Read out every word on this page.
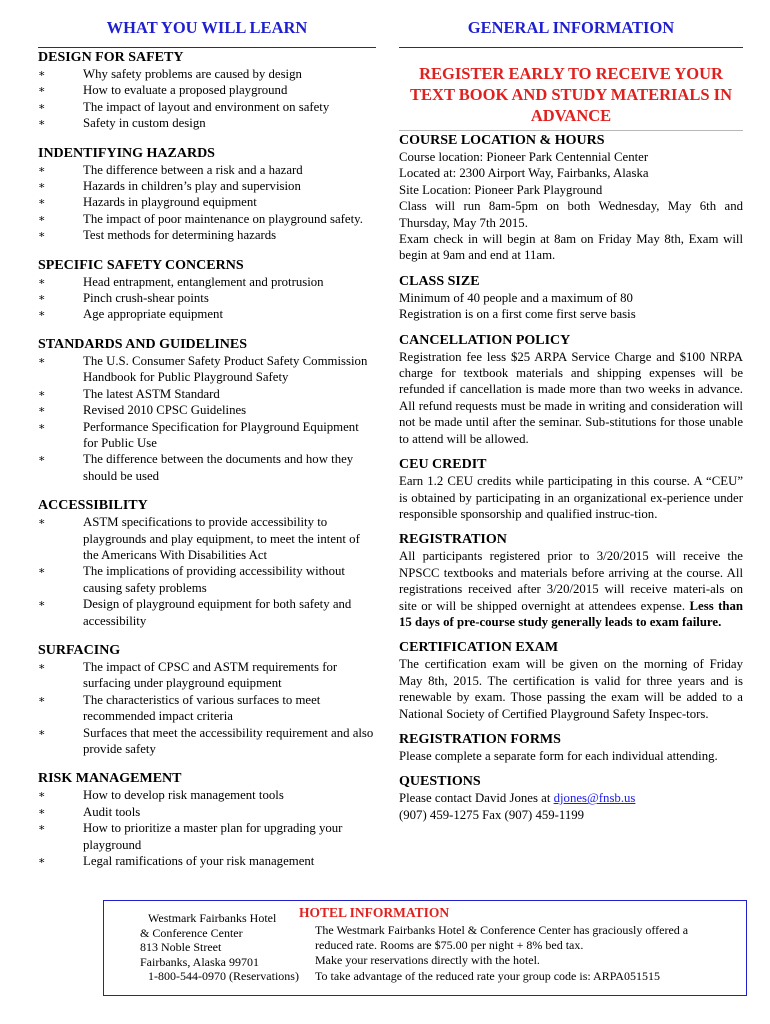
WHAT YOU WILL LEARN
DESIGN FOR SAFETY
∗	Why safety problems are caused by design
∗	How to evaluate a proposed playground
∗	The impact of layout and environment on safety
∗	Safety in custom design
INDENTIFYING HAZARDS
∗	The difference between a risk and a hazard
∗	Hazards in children’s play and supervision
∗	Hazards in playground equipment
∗	The impact of poor maintenance on playground safety.
∗	Test methods for determining hazards
SPECIFIC SAFETY CONCERNS
∗	Head entrapment, entanglement and protrusion
∗	Pinch crush-shear points
∗	Age appropriate equipment
STANDARDS AND GUIDELINES
∗	The U.S. Consumer Safety Product Safety Commission Handbook for Public Playground Safety
∗	The latest ASTM Standard
∗	Revised 2010 CPSC Guidelines
∗	Performance Specification for Playground Equipment for Public Use
∗	The difference between the documents and how they should be used
ACCESSIBILITY
∗	ASTM specifications to provide accessibility to playgrounds and play equipment, to meet the intent of the Americans With Disabilities Act
∗	The implications of providing accessibility without causing safety problems
∗	Design of playground equipment for both safety and accessibility
SURFACING
∗	The impact of CPSC and ASTM requirements for surfacing under playground equipment
∗	The characteristics of various surfaces to meet recommended impact criteria
∗	Surfaces that meet the accessibility requirement and also provide safety
RISK MANAGEMENT
∗	How to develop risk management tools
∗	Audit tools
∗	How to prioritize a master plan for upgrading your playground
∗	Legal ramifications of your risk management
GENERAL INFORMATION
REGISTER EARLY TO RECEIVE YOUR TEXT BOOK AND STUDY MATERIALS IN ADVANCE
COURSE LOCATION & HOURS

Course location: Pioneer Park Centennial Center

Located at: 2300 Airport Way, Fairbanks, Alaska

Site Location: Pioneer Park Playground

Class will run 8am-5pm on both Wednesday, May 6th and Thursday, May 7th 2015.

Exam check in will begin at 8am on Friday May 8th, Exam will begin at 9am and end at 11am.

CLASS SIZE

Minimum of 40 people and a maximum of 80

Registration is on a first come first serve basis

CANCELLATION POLICY

Registration fee less $25 ARPA Service Charge and $100 NRPA charge for textbook materials and shipping expenses will be refunded if cancellation is made more than two weeks in advance. All refund requests must be made in writing and consideration will not be made until after the seminar. Sub-stitutions for those unable to attend will be allowed.

CEU CREDIT

Earn 1.2 CEU credits while participating in this course. A “CEU” is obtained by participating in an organizational ex-perience under responsible sponsorship and qualified instruc-tion.

REGISTRATION

All participants registered prior to 3/20/2015 will receive the NPSCC textbooks and materials before arriving at the course. All registrations received after 3/20/2015 will receive materi-als on site or will be shipped overnight at attendees expense. Less than 15 days of pre-course study generally leads to exam failure.

CERTIFICATION EXAM

The certification exam will be given on the morning of Friday May 8th, 2015. The certification is valid for three years and is renewable by exam. Those passing the exam will be added to a National Society of Certified Playground Safety Inspec-tors.

REGISTRATION FORMS

Please complete a separate form for each individual attending.

QUESTIONS

Please contact David Jones at djones@fnsb.us

(907) 459-1275 Fax (907) 459-1199

Westmark Fairbanks Hotel
& Conference Center
813 Noble Street
Fairbanks, Alaska 99701
1-800-544-0970 (Reservations)
HOTEL INFORMATION
The Westmark Fairbanks Hotel & Conference Center has graciously offered a
reduced rate. Rooms are $75.00 per night + 8% bed tax.
Make your reservations directly with the hotel.
To take advantage of the reduced rate your group code is: ARPA051515
